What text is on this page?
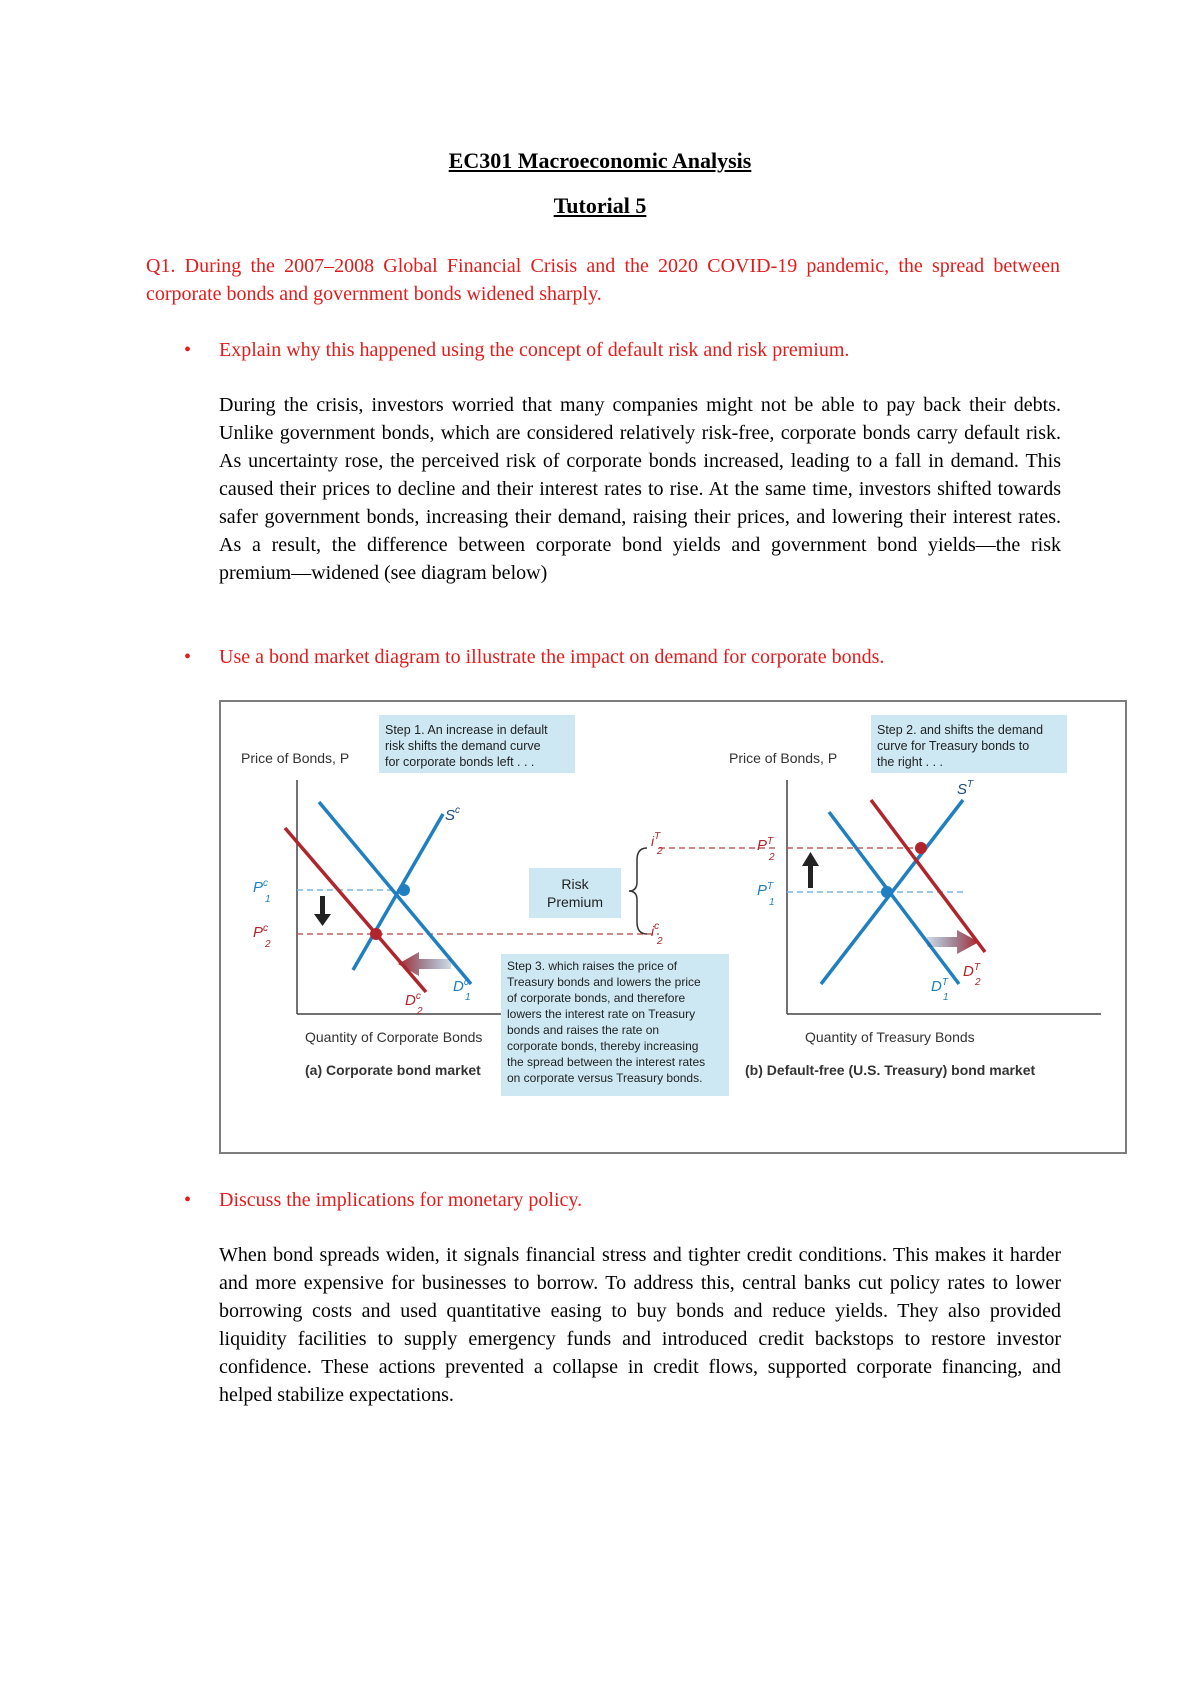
EC301 Macroeconomic Analysis
Tutorial 5
Q1. During the 2007–2008 Global Financial Crisis and the 2020 COVID-19 pandemic, the spread between corporate bonds and government bonds widened sharply.
• Explain why this happened using the concept of default risk and risk premium.
During the crisis, investors worried that many companies might not be able to pay back their debts. Unlike government bonds, which are considered relatively risk-free, corporate bonds carry default risk. As uncertainty rose, the perceived risk of corporate bonds increased, leading to a fall in demand. This caused their prices to decline and their interest rates to rise. At the same time, investors shifted towards safer government bonds, increasing their demand, raising their prices, and lowering their interest rates. As a result, the difference between corporate bond yields and government bond yields—the risk premium—widened (see diagram below)
• Use a bond market diagram to illustrate the impact on demand for corporate bonds.
Step 1. An increase in default risk shifts the demand curve for corporate bonds left . . .
Price of Bonds, P
$S^c$
$P^c$
1
$P^c$
2
$D^c$
1
$D^c$
2
Quantity of Corporate Bonds
(a) Corporate bond market
Risk
Premium
$i^T$
2
$i^c$
2
Step 3. which raises the price of Treasury bonds and lowers the price of corporate bonds, and therefore lowers the interest rate on Treasury bonds and raises the rate on corporate bonds, thereby increasing the spread between the interest rates on corporate versus Treasury bonds.
Step 2. and shifts the demand curve for Treasury bonds to the right . . .
Price of Bonds, P
$S^T$
$P^T$
2
$P^T$
1
$D^T$
1
$D^T$
2
Quantity of Treasury Bonds
(b) Default-free (U.S. Treasury) bond market
• Discuss the implications for monetary policy.
When bond spreads widen, it signals financial stress and tighter credit conditions. This makes it harder and more expensive for businesses to borrow. To address this, central banks cut policy rates to lower borrowing costs and used quantitative easing to buy bonds and reduce yields. They also provided liquidity facilities to supply emergency funds and introduced credit backstops to restore investor confidence. These actions prevented a collapse in credit flows, supported corporate financing, and helped stabilize expectations.
